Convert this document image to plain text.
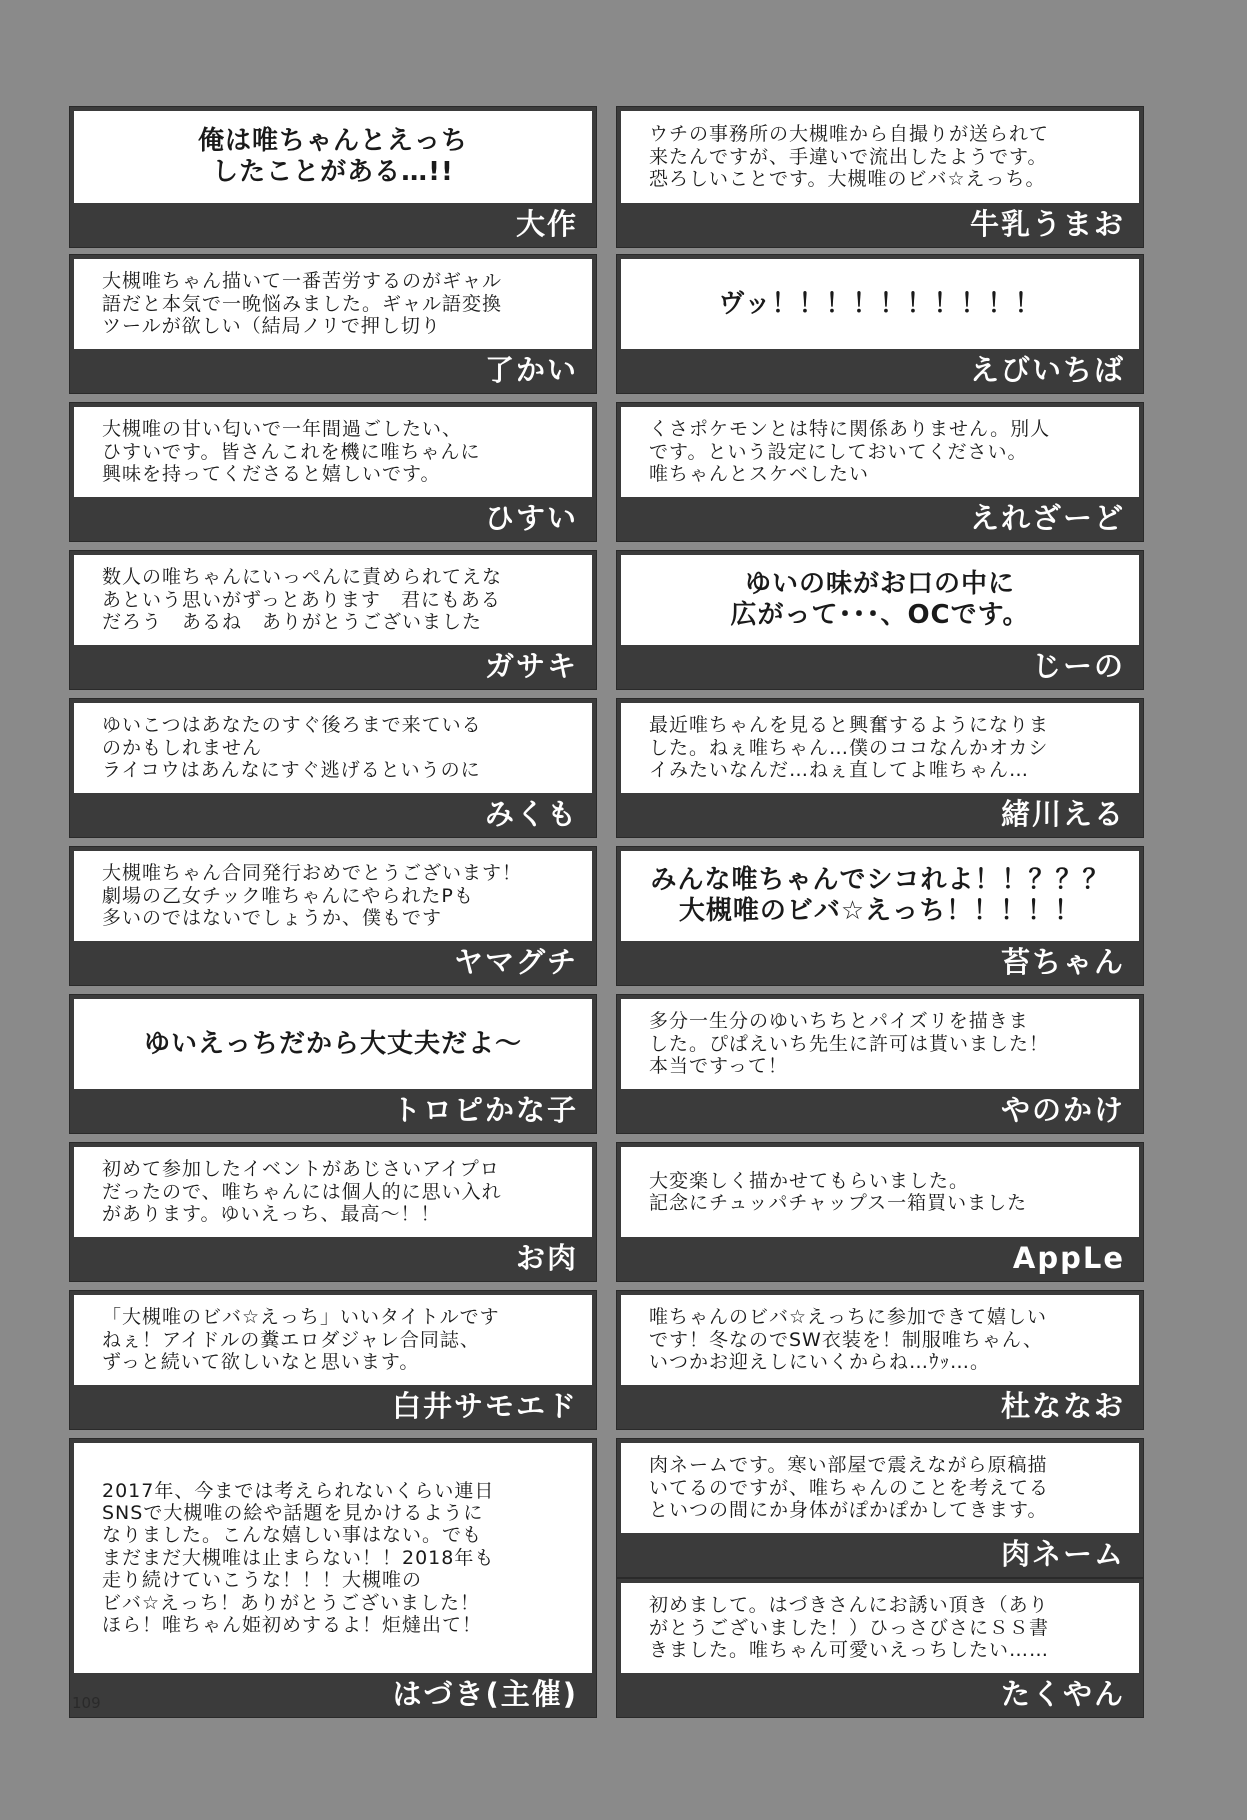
俺は唯ちゃんとえっち
したことがある…!!
大作
大槻唯ちゃん描いて一番苦労するのがギャル
語だと本気で一晩悩みました。ギャル語変換
ツールが欲しい（結局ノリで押し切り
了かい
大槻唯の甘い匂いで一年間過ごしたい、
ひすいです。皆さんこれを機に唯ちゃんに
興味を持ってくださると嬉しいです。
ひすい
数人の唯ちゃんにいっぺんに責められてえな
あという思いがずっとあります　君にもある
だろう　あるね　ありがとうございました
ガサキ
ゆいこつはあなたのすぐ後ろまで来ている
のかもしれません
ライコウはあんなにすぐ逃げるというのに
みくも
大槻唯ちゃん合同発行おめでとうございます！
劇場の乙女チック唯ちゃんにやられたPも
多いのではないでしょうか、僕もです
ヤマグチ
ゆいえっちだから大丈夫だよ～
トロピかな子
初めて参加したイベントがあじさいアイプロ
だったので、唯ちゃんには個人的に思い入れ
があります。ゆいえっち、最高～！！
お肉
「大槻唯のビバ☆えっち」いいタイトルです
ねぇ！アイドルの糞エロダジャレ合同誌、
ずっと続いて欲しいなと思います。
白井サモエド
2017年、今までは考えられないくらい連日
SNSで大槻唯の絵や話題を見かけるように
なりました。こんな嬉しい事はない。でも
まだまだ大槻唯は止まらない！！2018年も
走り続けていこうな！！！大槻唯の
ビバ☆えっち！ありがとうございました！
ほら！唯ちゃん姫初めするよ！炬燵出て！
はづき(主催)
ウチの事務所の大槻唯から自撮りが送られて
来たんですが、手違いで流出したようです。
恐ろしいことです。大槻唯のビバ☆えっち。
牛乳うまお
ヴッ！！！！！！！！！！
えびいちば
くさポケモンとは特に関係ありません。別人
です。という設定にしておいてください。
唯ちゃんとスケベしたい
えれざーど
ゆいの味がお口の中に
広がって･･･、OCです。
じーの
最近唯ちゃんを見ると興奮するようになりま
した。ねぇ唯ちゃん…僕のココなんかオカシ
イみたいなんだ…ねぇ直してよ唯ちゃん…
緒川える
みんな唯ちゃんでシコれよ！！？？？
大槻唯のビバ☆えっち！！！！！
苔ちゃん
多分一生分のゆいちちとパイズリを描きま
した。ぴぱえいち先生に許可は貰いました！
本当ですって！
やのかけ
大変楽しく描かせてもらいました。
記念にチュッパチャップス一箱買いました
AppLe
唯ちゃんのビバ☆えっちに参加できて嬉しい
です！冬なのでSW衣装を！制服唯ちゃん、
いつかお迎えしにいくからね…ｳｯ…。
杜ななお
肉ネームです。寒い部屋で震えながら原稿描
いてるのですが、唯ちゃんのことを考えてる
といつの間にか身体がぽかぽかしてきます。
肉ネーム
初めまして。はづきさんにお誘い頂き（あり
がとうございました！）ひっさびさにＳＳ書
きました。唯ちゃん可愛いえっちしたい……
たくやん
109
